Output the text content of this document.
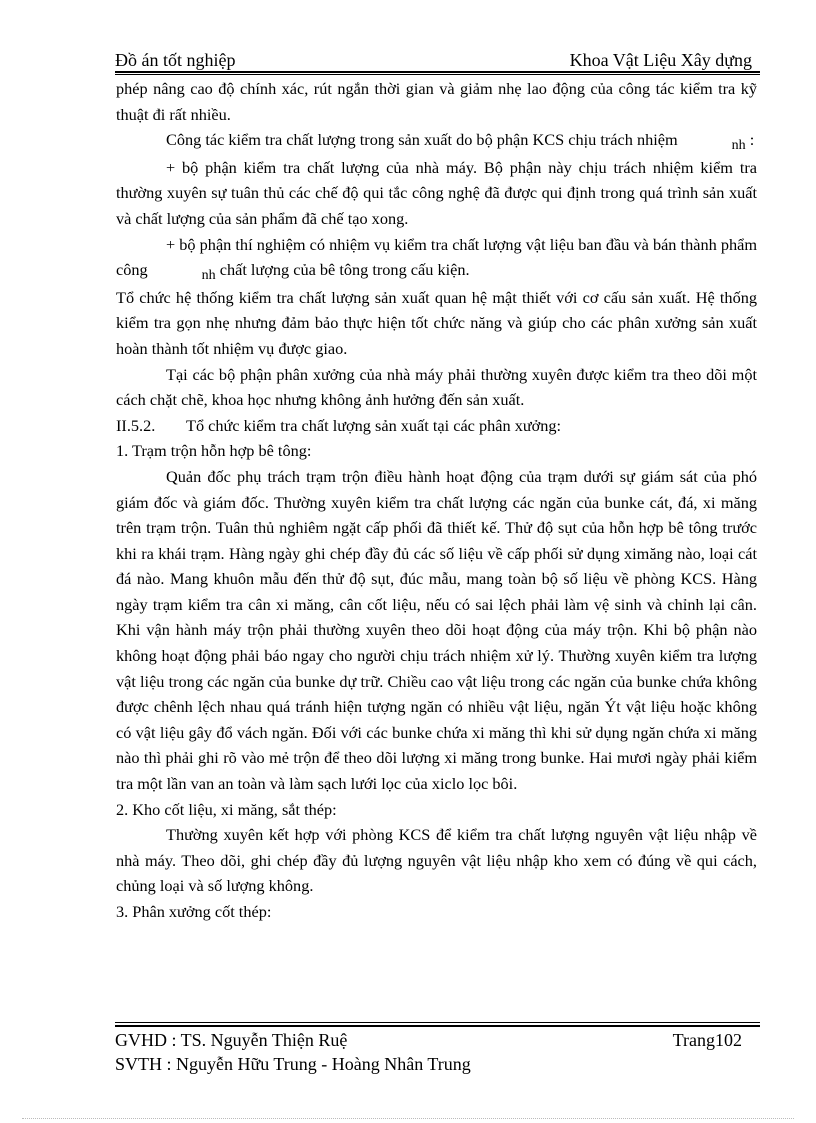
Đồ án tốt nghiệp	Khoa Vật Liệu Xây dựng

phép nâng cao độ chính xác, rút ngắn thời gian và giảm nhẹ lao động của công tác kiểm tra kỹ thuật đi rất nhiều.

Công tác kiểm tra chất lượng trong sản xuất do bộ phận KCS chịu trách nhiệm	nh :

+ bộ phận kiểm tra chất lượng của nhà máy. Bộ phận này chịu trách nhiệm kiểm tra thường xuyên sự tuân thủ các chế độ qui tắc công nghệ đã được qui định trong quá trình sản xuất và chất lượng của sản phẩm đã chế tạo xong.

+ bộ phận thí nghiệm có nhiệm vụ kiểm tra chất lượng vật liệu ban đầu và bán thành phẩm công	nh chất lượng của bê tông trong cấu kiện.

Tổ chức hệ thống kiểm tra chất lượng sản xuất quan hệ mật thiết với cơ cấu sản xuất. Hệ thống kiểm tra gọn nhẹ nhưng đảm bảo thực hiện tốt chức năng và giúp cho các phân xưởng sản xuất hoàn thành tốt nhiệm vụ được giao.

Tại các bộ phận phân xưởng của nhà máy phải thường xuyên được kiểm tra theo dõi một cách chặt chẽ, khoa học nhưng không ảnh hưởng đến sản xuất.

II.5.2. Tổ chức kiểm tra chất lượng sản xuất tại các phân xưởng:

1. Trạm trộn hỗn hợp bê tông:

Quản đốc phụ trách trạm trộn điều hành hoạt động của trạm dưới sự giám sát của phó giám đốc và giám đốc. Thường xuyên kiểm tra chất lượng các ngăn của bunke cát, đá, xi măng trên trạm trộn. Tuân thủ nghiêm ngặt cấp phối đã thiết kế. Thử độ sụt của hỗn hợp bê tông trước khi ra khái trạm. Hàng ngày ghi chép đầy đủ các số liệu về cấp phối sử dụng ximăng nào, loại cát đá nào. Mang khuôn mẫu đến thử độ sụt, đúc mẫu, mang toàn bộ số liệu về phòng KCS. Hàng ngày trạm kiểm tra cân xi măng, cân cốt liệu, nếu có sai lệch phải làm vệ sinh và chỉnh lại cân. Khi vận hành máy trộn phải thường xuyên theo dõi hoạt động của máy trộn. Khi bộ phận nào không hoạt động phải báo ngay cho người chịu trách nhiệm xử lý. Thường xuyên kiểm tra lượng vật liệu trong các ngăn của bunke dự trữ. Chiều cao vật liệu trong các ngăn của bunke chứa không được chênh lệch nhau quá tránh hiện tượng ngăn có nhiều vật liệu, ngăn Ýt vật liệu hoặc không có vật liệu gây đổ vách ngăn. Đối với các bunke chứa xi măng thì khi sử dụng ngăn chứa xi măng nào thì phải ghi rõ vào mẻ trộn để theo dõi lượng xi măng trong bunke. Hai mươi ngày phải kiểm tra một lần van an toàn và làm sạch lưới lọc của xiclo lọc bôi.

2. Kho cốt liệu, xi măng, sắt thép:

Thường xuyên kết hợp với phòng KCS để kiểm tra chất lượng nguyên vật liệu nhập về nhà máy. Theo dõi, ghi chép đầy đủ lượng nguyên vật liệu nhập kho xem có đúng về qui cách, chủng loại và số lượng không.

3. Phân xưởng cốt thép:

GVHD : TS. Nguyễn Thiện Ruệ
SVTH : Nguyễn Hữu Trung - Hoàng Nhân Trung
Trang102
